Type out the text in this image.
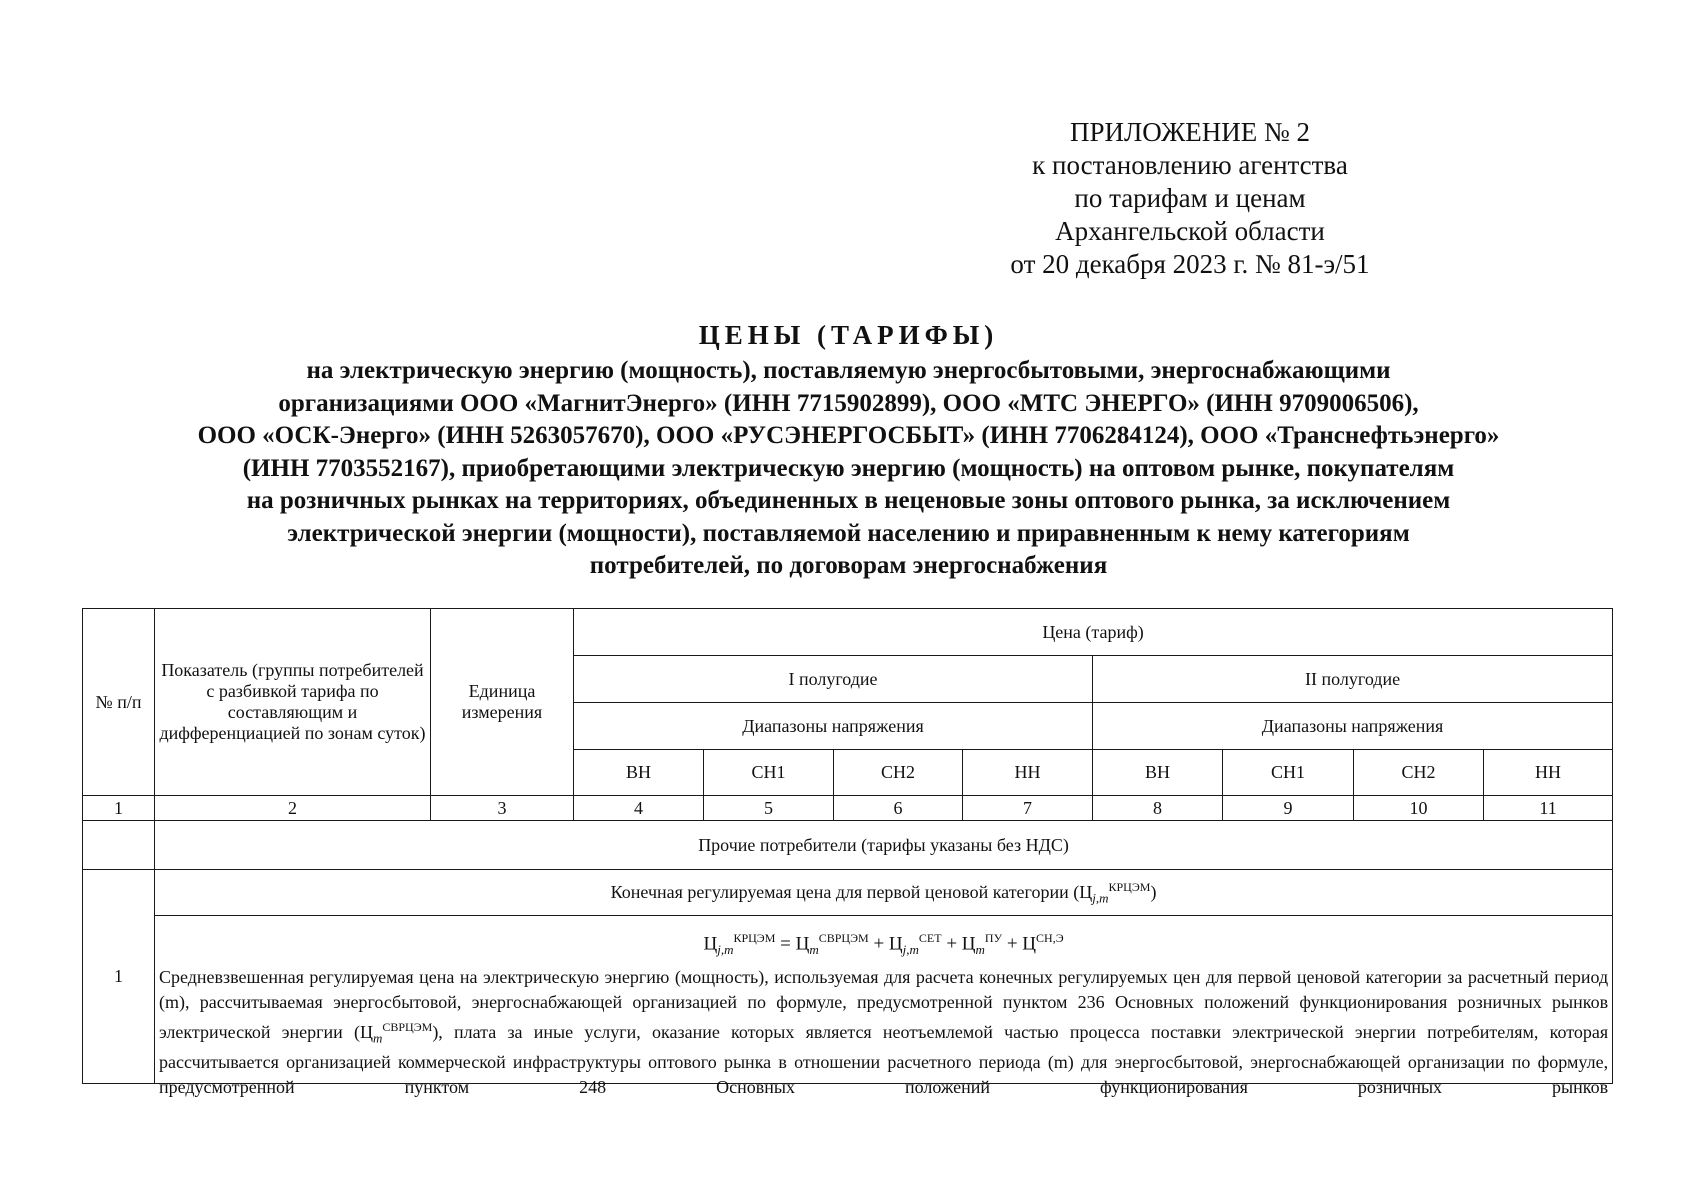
ПРИЛОЖЕНИЕ № 2
к постановлению агентства
по тарифам и ценам
Архангельской области
от 20 декабря 2023 г. № 81-э/51
ЦЕНЫ (ТАРИФЫ)
на электрическую энергию (мощность), поставляемую энергосбытовыми, энергоснабжающими
организациями ООО «МагнитЭнерго» (ИНН 7715902899), ООО «МТС ЭНЕРГО» (ИНН 9709006506),
ООО «ОСК-Энерго» (ИНН 5263057670), ООО «РУСЭНЕРГОСБЫТ» (ИНН 7706284124), ООО «Транснефтьэнерго»
(ИНН 7703552167), приобретающими электрическую энергию (мощность) на оптовом рынке, покупателям
на розничных рынках на территориях, объединенных в неценовые зоны оптового рынка, за исключением
электрической энергии (мощности), поставляемой населению и приравненным к нему категориям
потребителей, по договорам энергоснабжения
№ п/п	Показатель (группы потребителей с разбивкой тарифа по составляющим и дифференциацией по зонам суток)	Единица измерения	Цена (тариф)							
			I полугодие				II полугодие			
			Диапазоны напряжения				Диапазоны напряжения			
			ВН	СН1	СН2	НН	ВН	СН1	СН2	НН
1	2	3	4	5	6	7	8	9	10	11
	Прочие потребители (тарифы указаны без НДС)									
1	Конечная регулируемая цена для первой ценовой категории $(Ц_{j,m}^{КРЦЭМ})$									

	$Ц_{j,m}^{КРЦЭМ} = Ц_m^{СВРЦЭМ} + Ц_{j,m}^{СЕТ} + Ц_m^{ПУ} + Ц^{СН,Э}$
Средневзвешенная регулируемая цена на электрическую энергию (мощность), используемая для расчета конечных регулируемых цен для первой ценовой категории за расчетный период (m), рассчитываемая энергосбытовой, энергоснабжающей организацией по формуле, предусмотренной пунктом 236 Основных положений функционирования розничных рынков электрической энергии $(Ц_m^{СВРЦЭМ})$, плата за иные услуги, оказание которых является неотъемлемой частью процесса поставки электрической энергии потребителям, которая рассчитывается организацией коммерческой инфраструктуры оптового рынка в отношении расчетного периода (m) для энергосбытовой, энергоснабжающей организации по формуле, предусмотренной пунктом 248 Основных положений функционирования розничных рынков									
